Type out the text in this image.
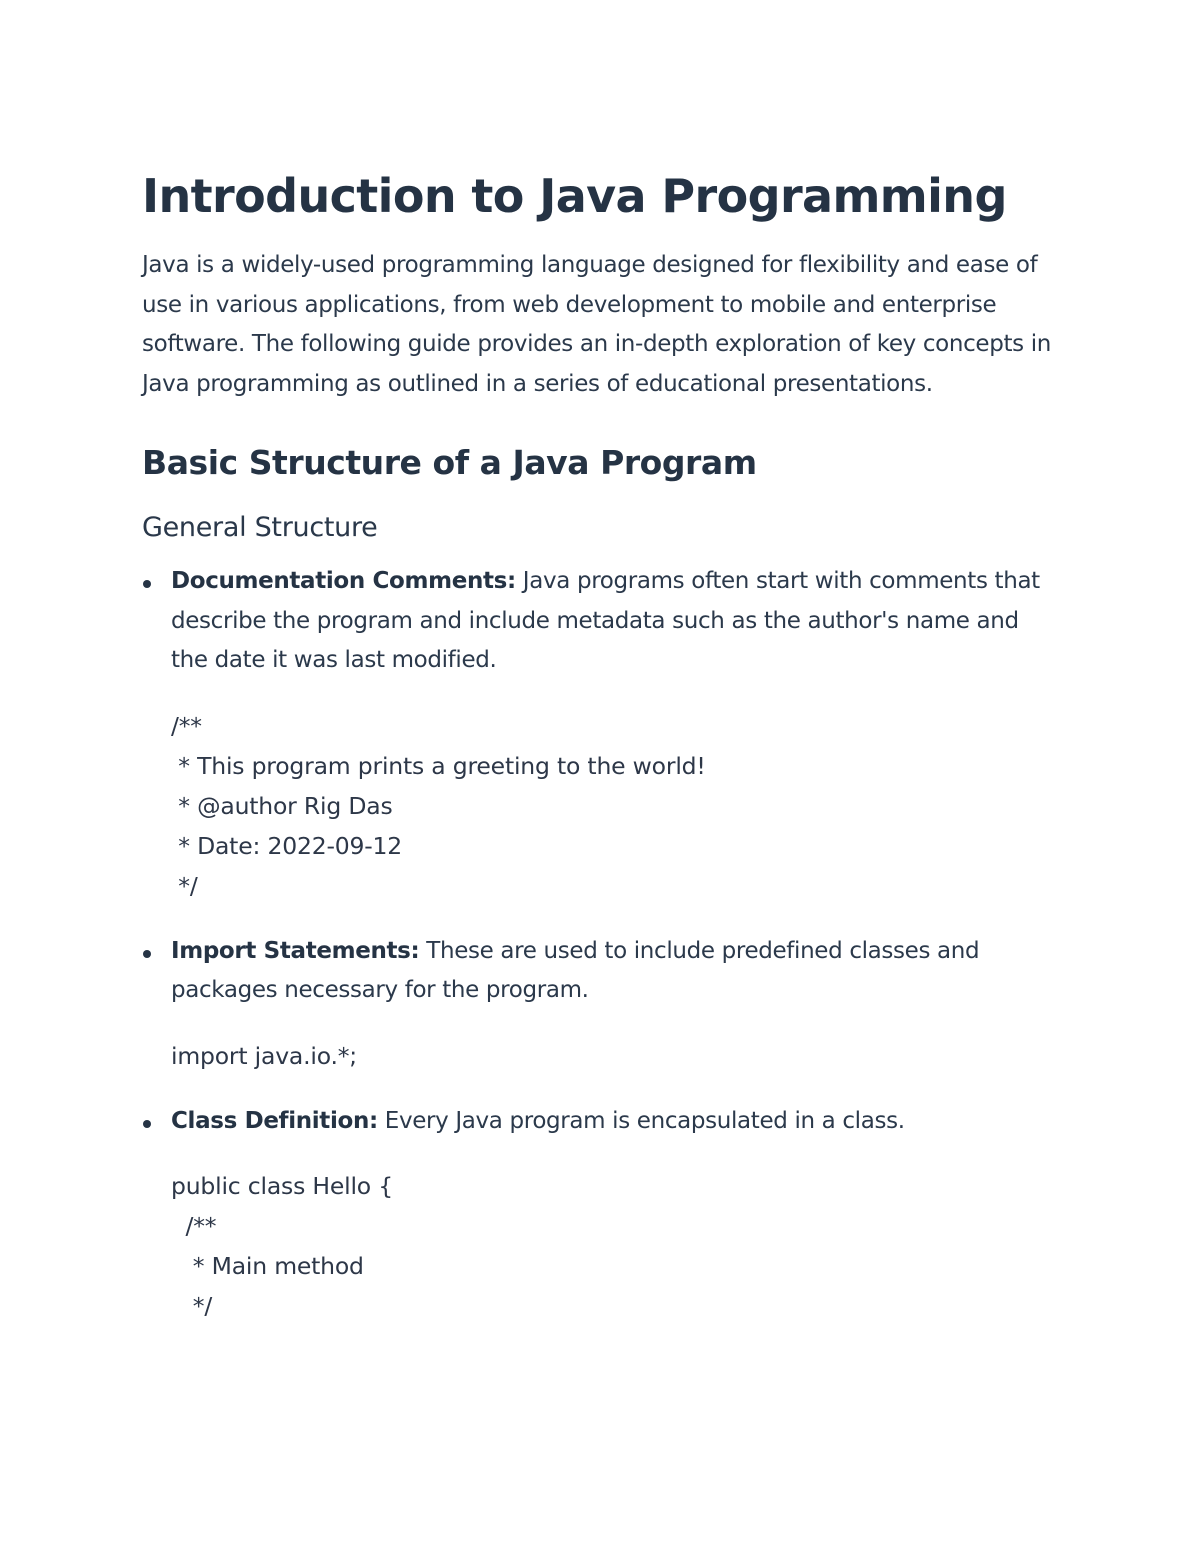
Introduction to Java Programming

Java is a widely-used programming language designed for flexibility and ease of use in various applications, from web development to mobile and enterprise software. The following guide provides an in-depth exploration of key concepts in Java programming as outlined in a series of educational presentations.

Basic Structure of a Java Program
General Structure

Documentation Comments: Java programs often start with comments that describe the program and include metadata such as the author's name and the date it was last modified.

/**
* This program prints a greeting to the world!
* @author Rig Das
* Date: 2022-09-12
*/

Import Statements: These are used to include predefined classes and packages necessary for the program.

import java.io.*;

Class Definition: Every Java program is encapsulated in a class.

public class Hello {
/**
* Main method
*/
